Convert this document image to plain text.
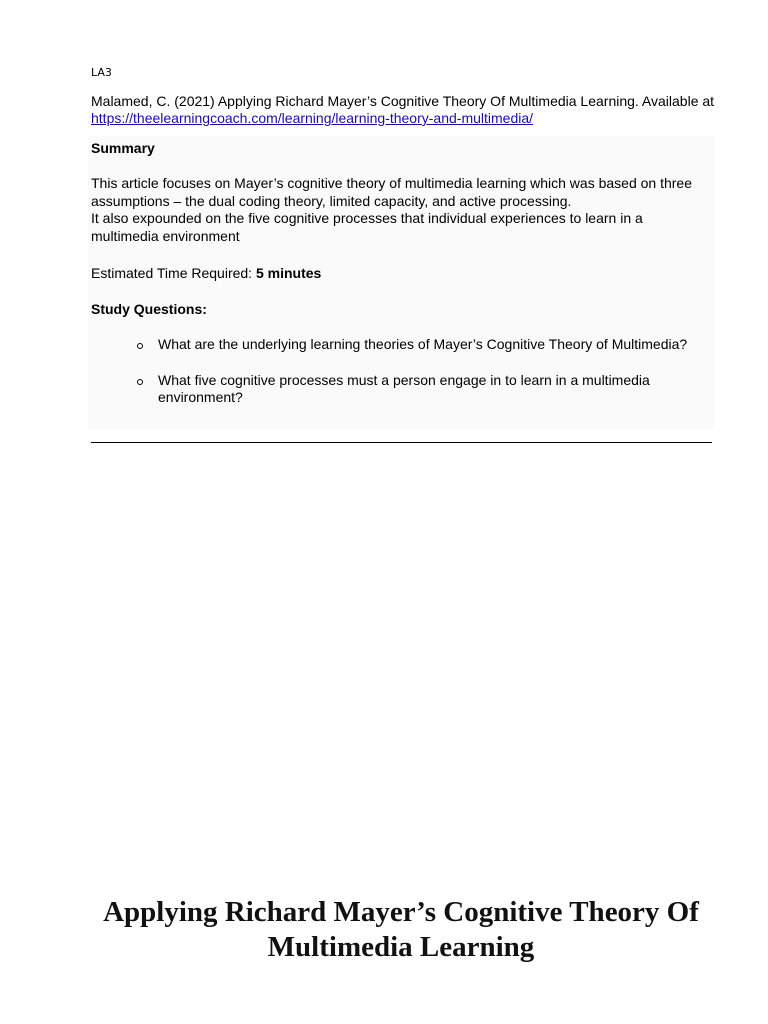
LA3
Malamed, C. (2021) Applying Richard Mayer’s Cognitive Theory Of Multimedia Learning. Available at https://theelearningcoach.com/learning/learning-theory-and-multimedia/
Summary

This article focuses on Mayer’s cognitive theory of multimedia learning which was based on three assumptions – the dual coding theory, limited capacity, and active processing.

It also expounded on the five cognitive processes that individual experiences to learn in a multimedia environment

Estimated Time Required: 5 minutes
Study Questions:
What are the underlying learning theories of Mayer’s Cognitive Theory of Multimedia?
What five cognitive processes must a person engage in to learn in a multimedia environment?
Applying Richard Mayer’s Cognitive Theory Of Multimedia Learning
